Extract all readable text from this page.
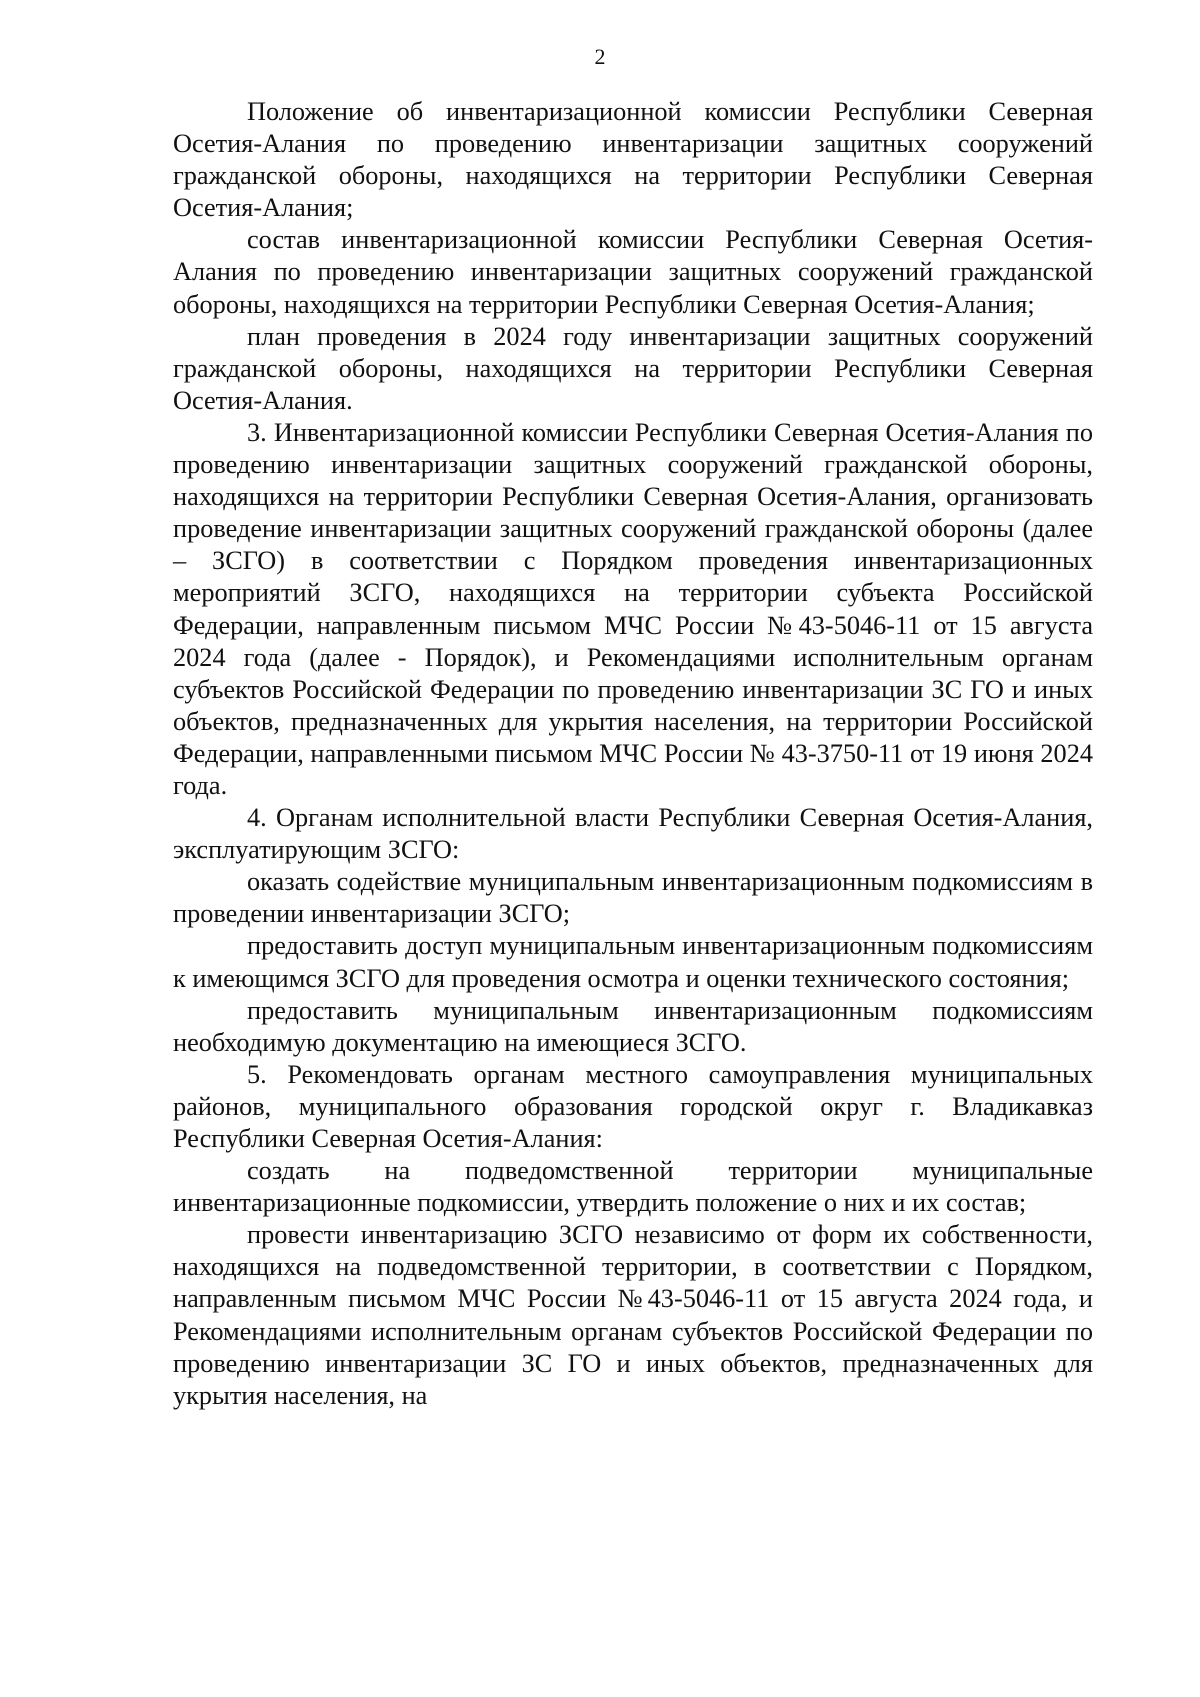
2

Положение об инвентаризационной комиссии Республики Северная Осетия-Алания по проведению инвентаризации защитных сооружений гражданской обороны, находящихся на территории Республики Северная Осетия-Алания;

состав инвентаризационной комиссии Республики Северная Осетия-Алания по проведению инвентаризации защитных сооружений гражданской обороны, находящихся на территории Республики Северная Осетия-Алания;

план проведения в 2024 году инвентаризации защитных сооружений гражданской обороны, находящихся на территории Республики Северная Осетия-Алания.

3. Инвентаризационной комиссии Республики Северная Осетия-Алания по проведению инвентаризации защитных сооружений гражданской обороны, находящихся на территории Республики Северная Осетия-Алания, организовать проведение инвентаризации защитных сооружений гражданской обороны (далее – ЗСГО) в соответствии с Порядком проведения инвентаризационных мероприятий ЗСГО, находящихся на территории субъекта Российской Федерации, направленным письмом МЧС России №43-5046-11 от 15 августа 2024 года (далее - Порядок), и Рекомендациями исполнительным органам субъектов Российской Федерации по проведению инвентаризации ЗС ГО и иных объектов, предназначенных для укрытия населения, на территории Российской Федерации, направленными письмом МЧС России № 43-3750-11 от 19 июня 2024 года.

4. Органам исполнительной власти Республики Северная Осетия-Алания, эксплуатирующим ЗСГО:

оказать содействие муниципальным инвентаризационным подкомиссиям в проведении инвентаризации ЗСГО;

предоставить доступ муниципальным инвентаризационным подкомиссиям к имеющимся ЗСГО для проведения осмотра и оценки технического состояния;

предоставить муниципальным инвентаризационным подкомиссиям необходимую документацию на имеющиеся ЗСГО.

5. Рекомендовать органам местного самоуправления муниципальных районов, муниципального образования городской округ г. Владикавказ Республики Северная Осетия-Алания:

создать на подведомственной территории муниципальные инвентаризационные подкомиссии, утвердить положение о них и их состав;

провести инвентаризацию ЗСГО независимо от форм их собственности, находящихся на подведомственной территории, в соответствии с Порядком, направленным письмом МЧС России №43-5046-11 от 15 августа 2024 года, и Рекомендациями исполнительным органам субъектов Российской Федерации по проведению инвентаризации ЗС ГО и иных объектов, предназначенных для укрытия населения, на
